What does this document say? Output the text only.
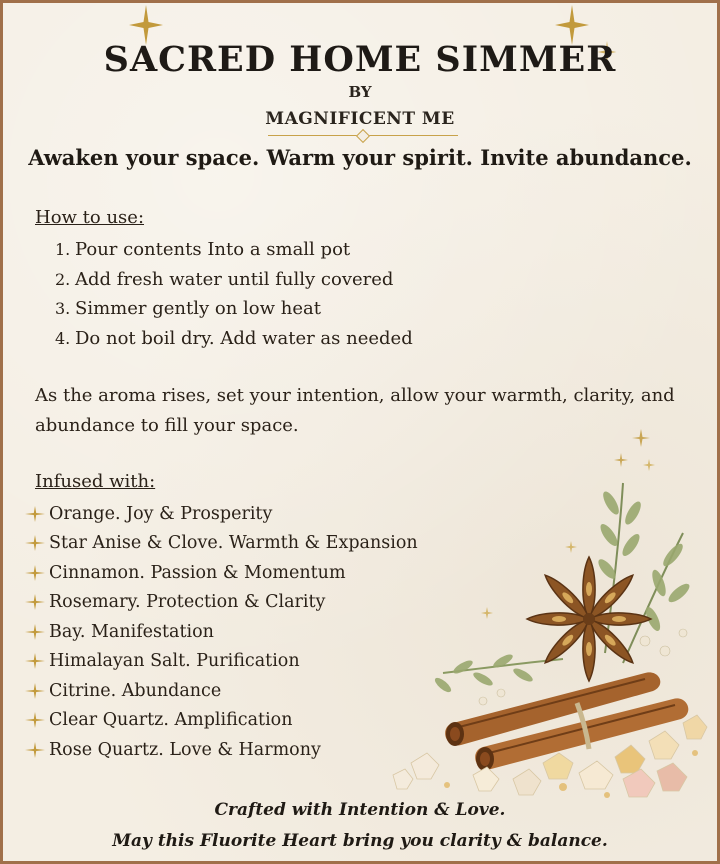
SACRED HOME SIMMER
BY
MAGNIFICENT ME
Awaken your space. Warm your spirit. Invite abundance.
How to use:
1. Pour contents Into a small pot
2. Add fresh water until fully covered
3. Simmer gently on low heat
4. Do not boil dry. Add water as needed
As the aroma rises, set your intention, allow your warmth, clarity, and abundance to fill your space.
Infused with:
Orange. Joy & Prosperity
Star Anise & Clove. Warmth & Expansion
Cinnamon. Passion & Momentum
Rosemary. Protection & Clarity
Bay. Manifestation
Himalayan Salt. Purification
Citrine. Abundance
Clear Quartz. Amplification
Rose Quartz. Love & Harmony
Crafted with Intention & Love.
May this Fluorite Heart bring you clarity & balance.
